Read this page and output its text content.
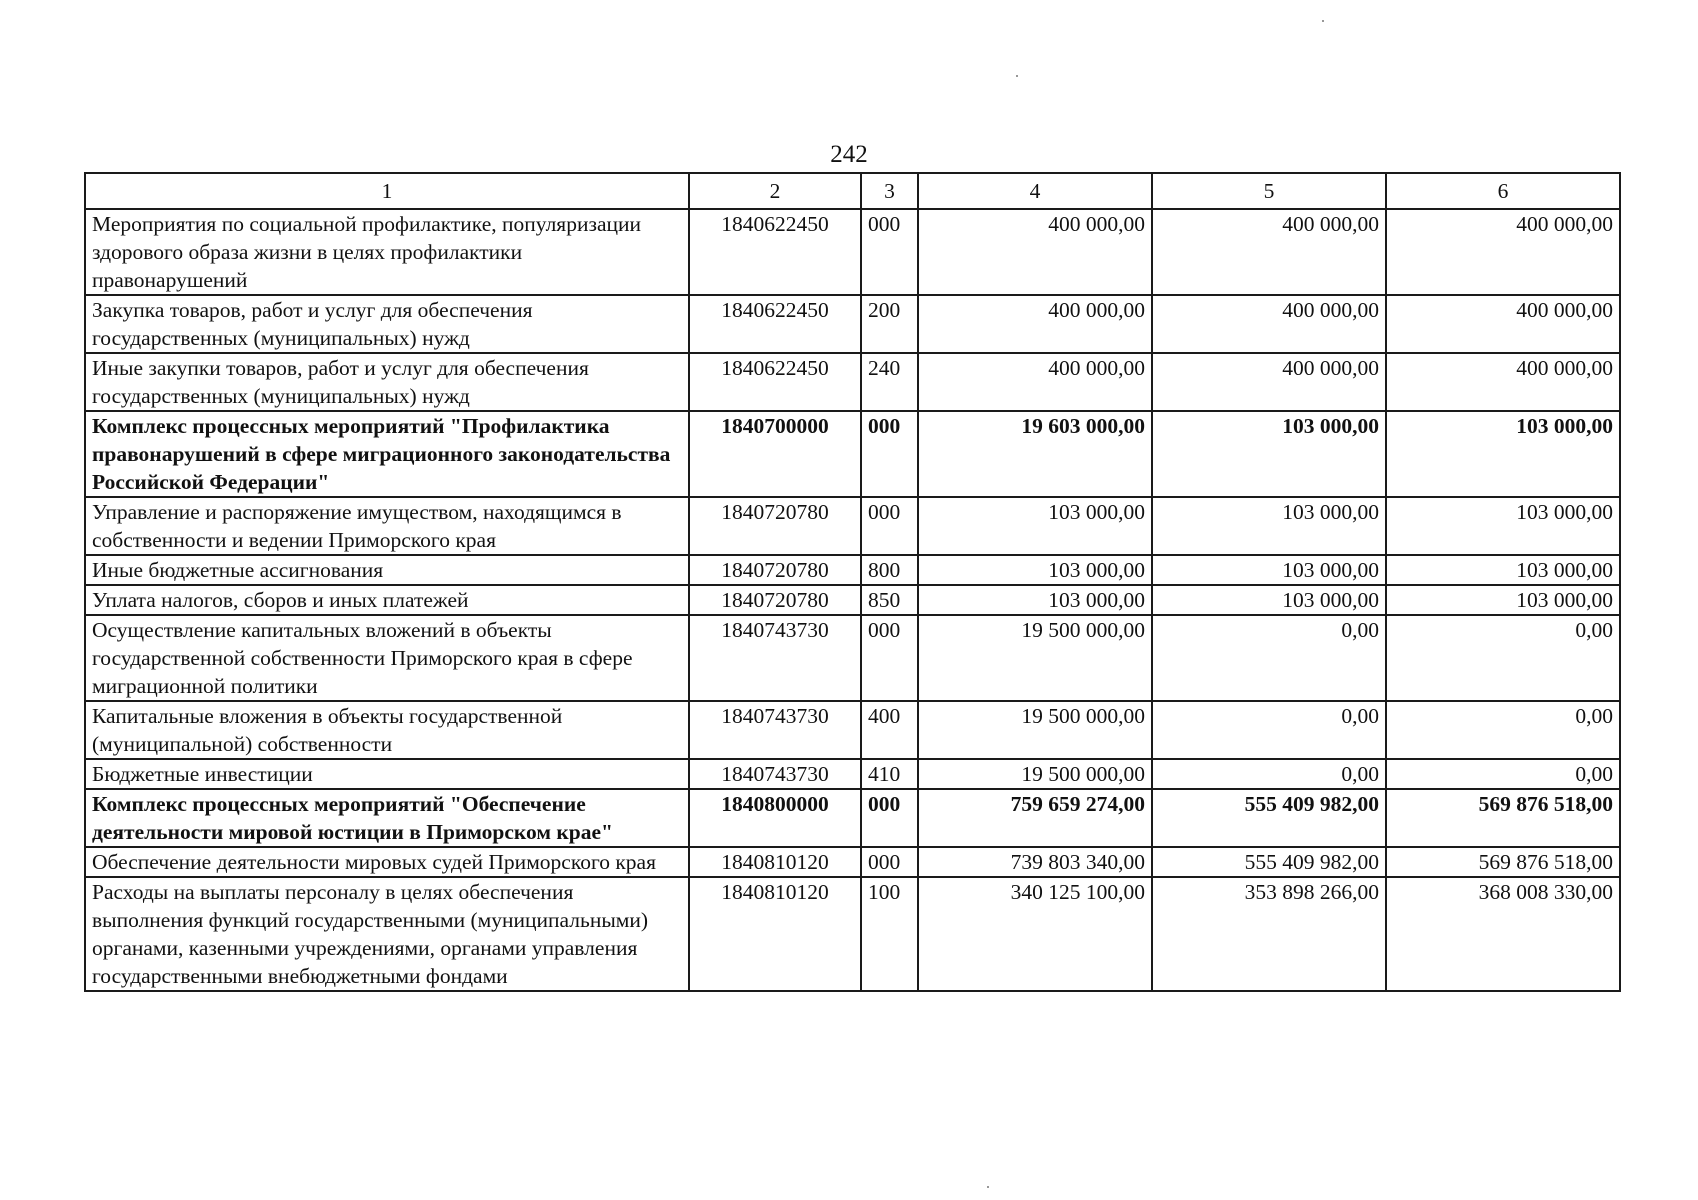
242
1	2	3	4	5	6
Мероприятия по социальной профилактике, популяризации здорового образа жизни в целях профилактики правонарушений	1840622450	000	400 000,00	400 000,00	400 000,00
Закупка товаров, работ и услуг для обеспечения государственных (муниципальных) нужд	1840622450	200	400 000,00	400 000,00	400 000,00
Иные закупки товаров, работ и услуг для обеспечения государственных (муниципальных) нужд	1840622450	240	400 000,00	400 000,00	400 000,00
Комплекс процессных мероприятий "Профилактика правонарушений в сфере миграционного законодательства Российской Федерации"	1840700000	000	19 603 000,00	103 000,00	103 000,00
Управление и распоряжение имуществом, находящимся в собственности и ведении Приморского края	1840720780	000	103 000,00	103 000,00	103 000,00
Иные бюджетные ассигнования	1840720780	800	103 000,00	103 000,00	103 000,00
Уплата налогов, сборов и иных платежей	1840720780	850	103 000,00	103 000,00	103 000,00
Осуществление капитальных вложений в объекты государственной собственности Приморского края в сфере миграционной политики	1840743730	000	19 500 000,00	0,00	0,00
Капитальные вложения в объекты государственной (муниципальной) собственности	1840743730	400	19 500 000,00	0,00	0,00
Бюджетные инвестиции	1840743730	410	19 500 000,00	0,00	0,00
Комплекс процессных мероприятий "Обеспечение деятельности мировой юстиции в Приморском крае"	1840800000	000	759 659 274,00	555 409 982,00	569 876 518,00
Обеспечение деятельности мировых судей Приморского края	1840810120	000	739 803 340,00	555 409 982,00	569 876 518,00
Расходы на выплаты персоналу в целях обеспечения выполнения функций государственными (муниципальными) органами, казенными учреждениями, органами управления государственными внебюджетными фондами	1840810120	100	340 125 100,00	353 898 266,00	368 008 330,00
